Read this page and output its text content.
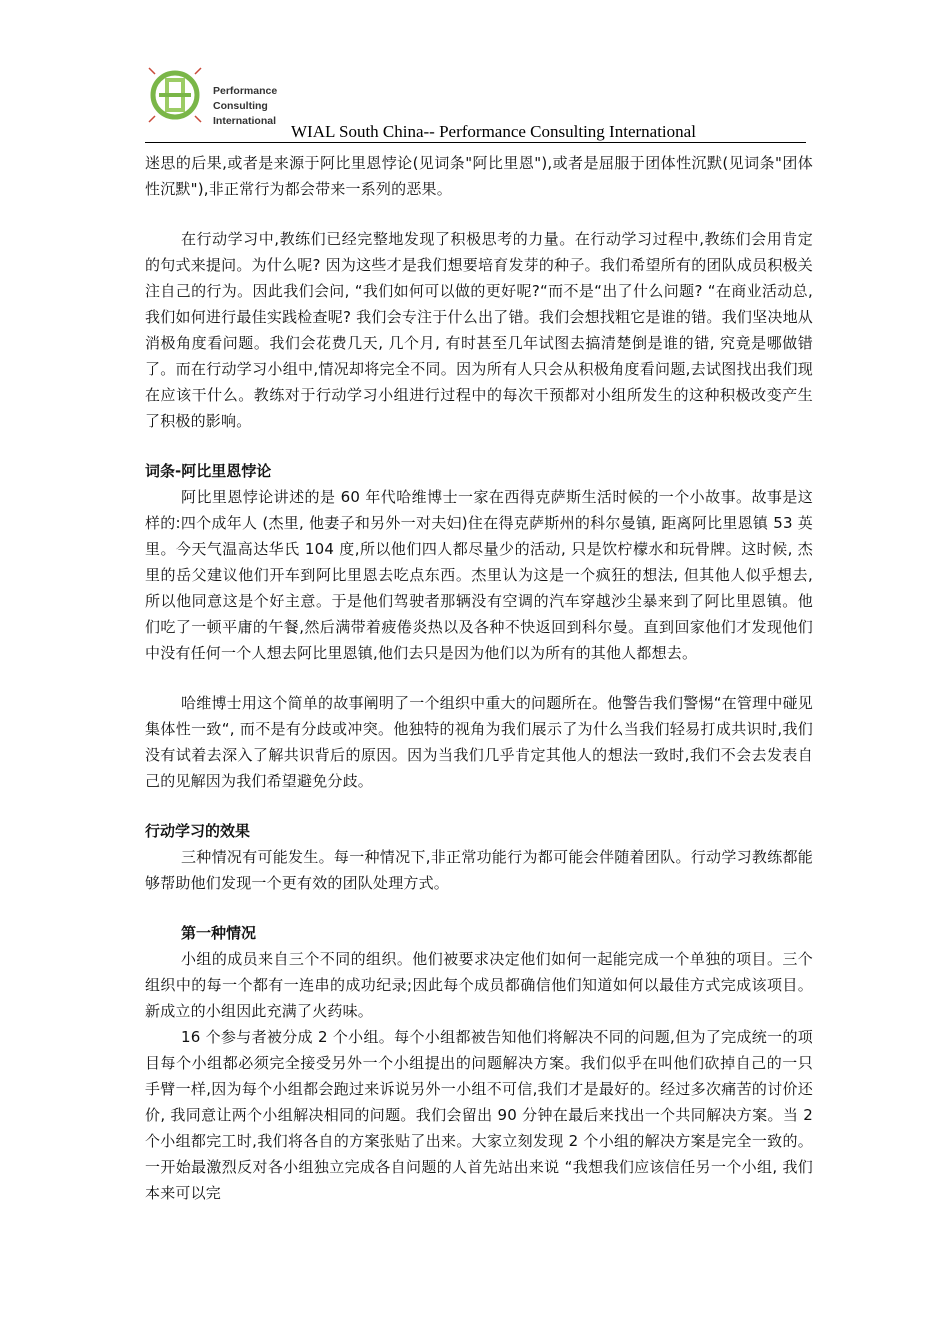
Performance
Consulting
International
WIAL South China-- Performance Consulting International

迷思的后果,或者是来源于阿比里恩悖论(见词条"阿比里恩"),或者是屈服于团体性沉默(见词条"团体性沉默"),非正常行为都会带来一系列的恶果。

在行动学习中,教练们已经完整地发现了积极思考的力量。在行动学习过程中,教练们会用肯定的句式来提问。为什么呢? 因为这些才是我们想要培育发芽的种子。我们希望所有的团队成员积极关注自己的行为。因此我们会问, “我们如何可以做的更好呢?“而不是“出了什么问题? “在商业活动总,我们如何进行最佳实践检查呢? 我们会专注于什么出了错。我们会想找粗它是谁的错。我们坚决地从消极角度看问题。我们会花费几天, 几个月, 有时甚至几年试图去搞清楚倒是谁的错, 究竟是哪做错了。而在行动学习小组中,情况却将完全不同。因为所有人只会从积极角度看问题,去试图找出我们现在应该干什么。教练对于行动学习小组进行过程中的每次干预都对小组所发生的这种积极改变产生了积极的影响。

词条-阿比里恩悖论

阿比里恩悖论讲述的是 60 年代哈维博士一家在西得克萨斯生活时候的一个小故事。故事是这样的:四个成年人 (杰里, 他妻子和另外一对夫妇)住在得克萨斯州的科尔曼镇, 距离阿比里恩镇 53 英里。今天气温高达华氏 104 度,所以他们四人都尽量少的活动, 只是饮柠檬水和玩骨牌。这时候, 杰里的岳父建议他们开车到阿比里恩去吃点东西。杰里认为这是一个疯狂的想法, 但其他人似乎想去, 所以他同意这是个好主意。于是他们驾驶者那辆没有空调的汽车穿越沙尘暴来到了阿比里恩镇。他们吃了一顿平庸的午餐,然后满带着疲倦炎热以及各种不快返回到科尔曼。直到回家他们才发现他们中没有任何一个人想去阿比里恩镇,他们去只是因为他们以为所有的其他人都想去。

哈维博士用这个简单的故事阐明了一个组织中重大的问题所在。他警告我们警惕“在管理中碰见集体性一致“, 而不是有分歧或冲突。他独特的视角为我们展示了为什么当我们轻易打成共识时,我们没有试着去深入了解共识背后的原因。因为当我们几乎肯定其他人的想法一致时,我们不会去发表自己的见解因为我们希望避免分歧。

行动学习的效果

三种情况有可能发生。每一种情况下,非正常功能行为都可能会伴随着团队。行动学习教练都能够帮助他们发现一个更有效的团队处理方式。

第一种情况

小组的成员来自三个不同的组织。他们被要求决定他们如何一起能完成一个单独的项目。三个组织中的每一个都有一连串的成功纪录;因此每个成员都确信他们知道如何以最佳方式完成该项目。新成立的小组因此充满了火药味。

16 个参与者被分成 2 个小组。每个小组都被告知他们将解决不同的问题,但为了完成统一的项目每个小组都必须完全接受另外一个小组提出的问题解决方案。我们似乎在叫他们砍掉自己的一只手臂一样,因为每个小组都会跑过来诉说另外一小组不可信,我们才是最好的。经过多次痛苦的讨价还价, 我同意让两个小组解决相同的问题。我们会留出 90 分钟在最后来找出一个共同解决方案。当 2 个小组都完工时,我们将各自的方案张贴了出来。大家立刻发现 2 个小组的解决方案是完全一致的。一开始最激烈反对各小组独立完成各自问题的人首先站出来说 “我想我们应该信任另一个小组, 我们本来可以完
